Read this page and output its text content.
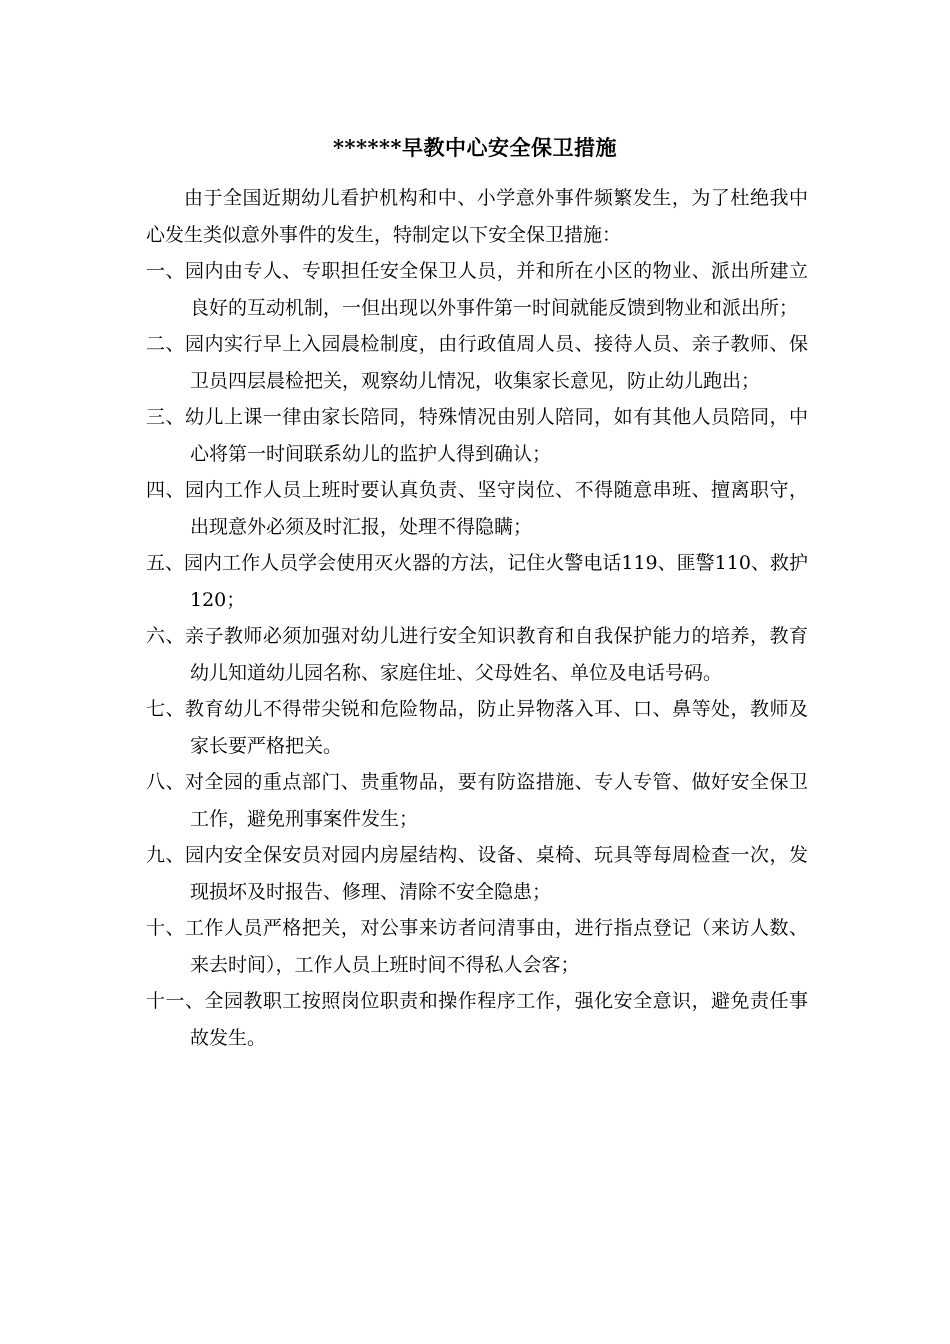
******早教中心安全保卫措施

由于全国近期幼儿看护机构和中、小学意外事件频繁发生，为了杜绝我中心发生类似意外事件的发生，特制定以下安全保卫措施：

一、园内由专人、专职担任安全保卫人员，并和所在小区的物业、派出所建立良好的互动机制，一但出现以外事件第一时间就能反馈到物业和派出所；

二、园内实行早上入园晨检制度，由行政值周人员、接待人员、亲子教师、保卫员四层晨检把关，观察幼儿情况，收集家长意见，防止幼儿跑出；

三、幼儿上课一律由家长陪同，特殊情况由别人陪同，如有其他人员陪同，中心将第一时间联系幼儿的监护人得到确认；

四、园内工作人员上班时要认真负责、坚守岗位、不得随意串班、擅离职守，出现意外必须及时汇报，处理不得隐瞒；

五、园内工作人员学会使用灭火器的方法，记住火警电话119、匪警110、救护120；

六、亲子教师必须加强对幼儿进行安全知识教育和自我保护能力的培养，教育幼儿知道幼儿园名称、家庭住址、父母姓名、单位及电话号码。

七、教育幼儿不得带尖锐和危险物品，防止异物落入耳、口、鼻等处，教师及家长要严格把关。

八、对全园的重点部门、贵重物品，要有防盗措施、专人专管、做好安全保卫工作，避免刑事案件发生；

九、园内安全保安员对园内房屋结构、设备、桌椅、玩具等每周检查一次，发现损坏及时报告、修理、清除不安全隐患；

十、工作人员严格把关，对公事来访者问清事由，进行指点登记（来访人数、来去时间），工作人员上班时间不得私人会客；

十一、全园教职工按照岗位职责和操作程序工作，强化安全意识，避免责任事故发生。
